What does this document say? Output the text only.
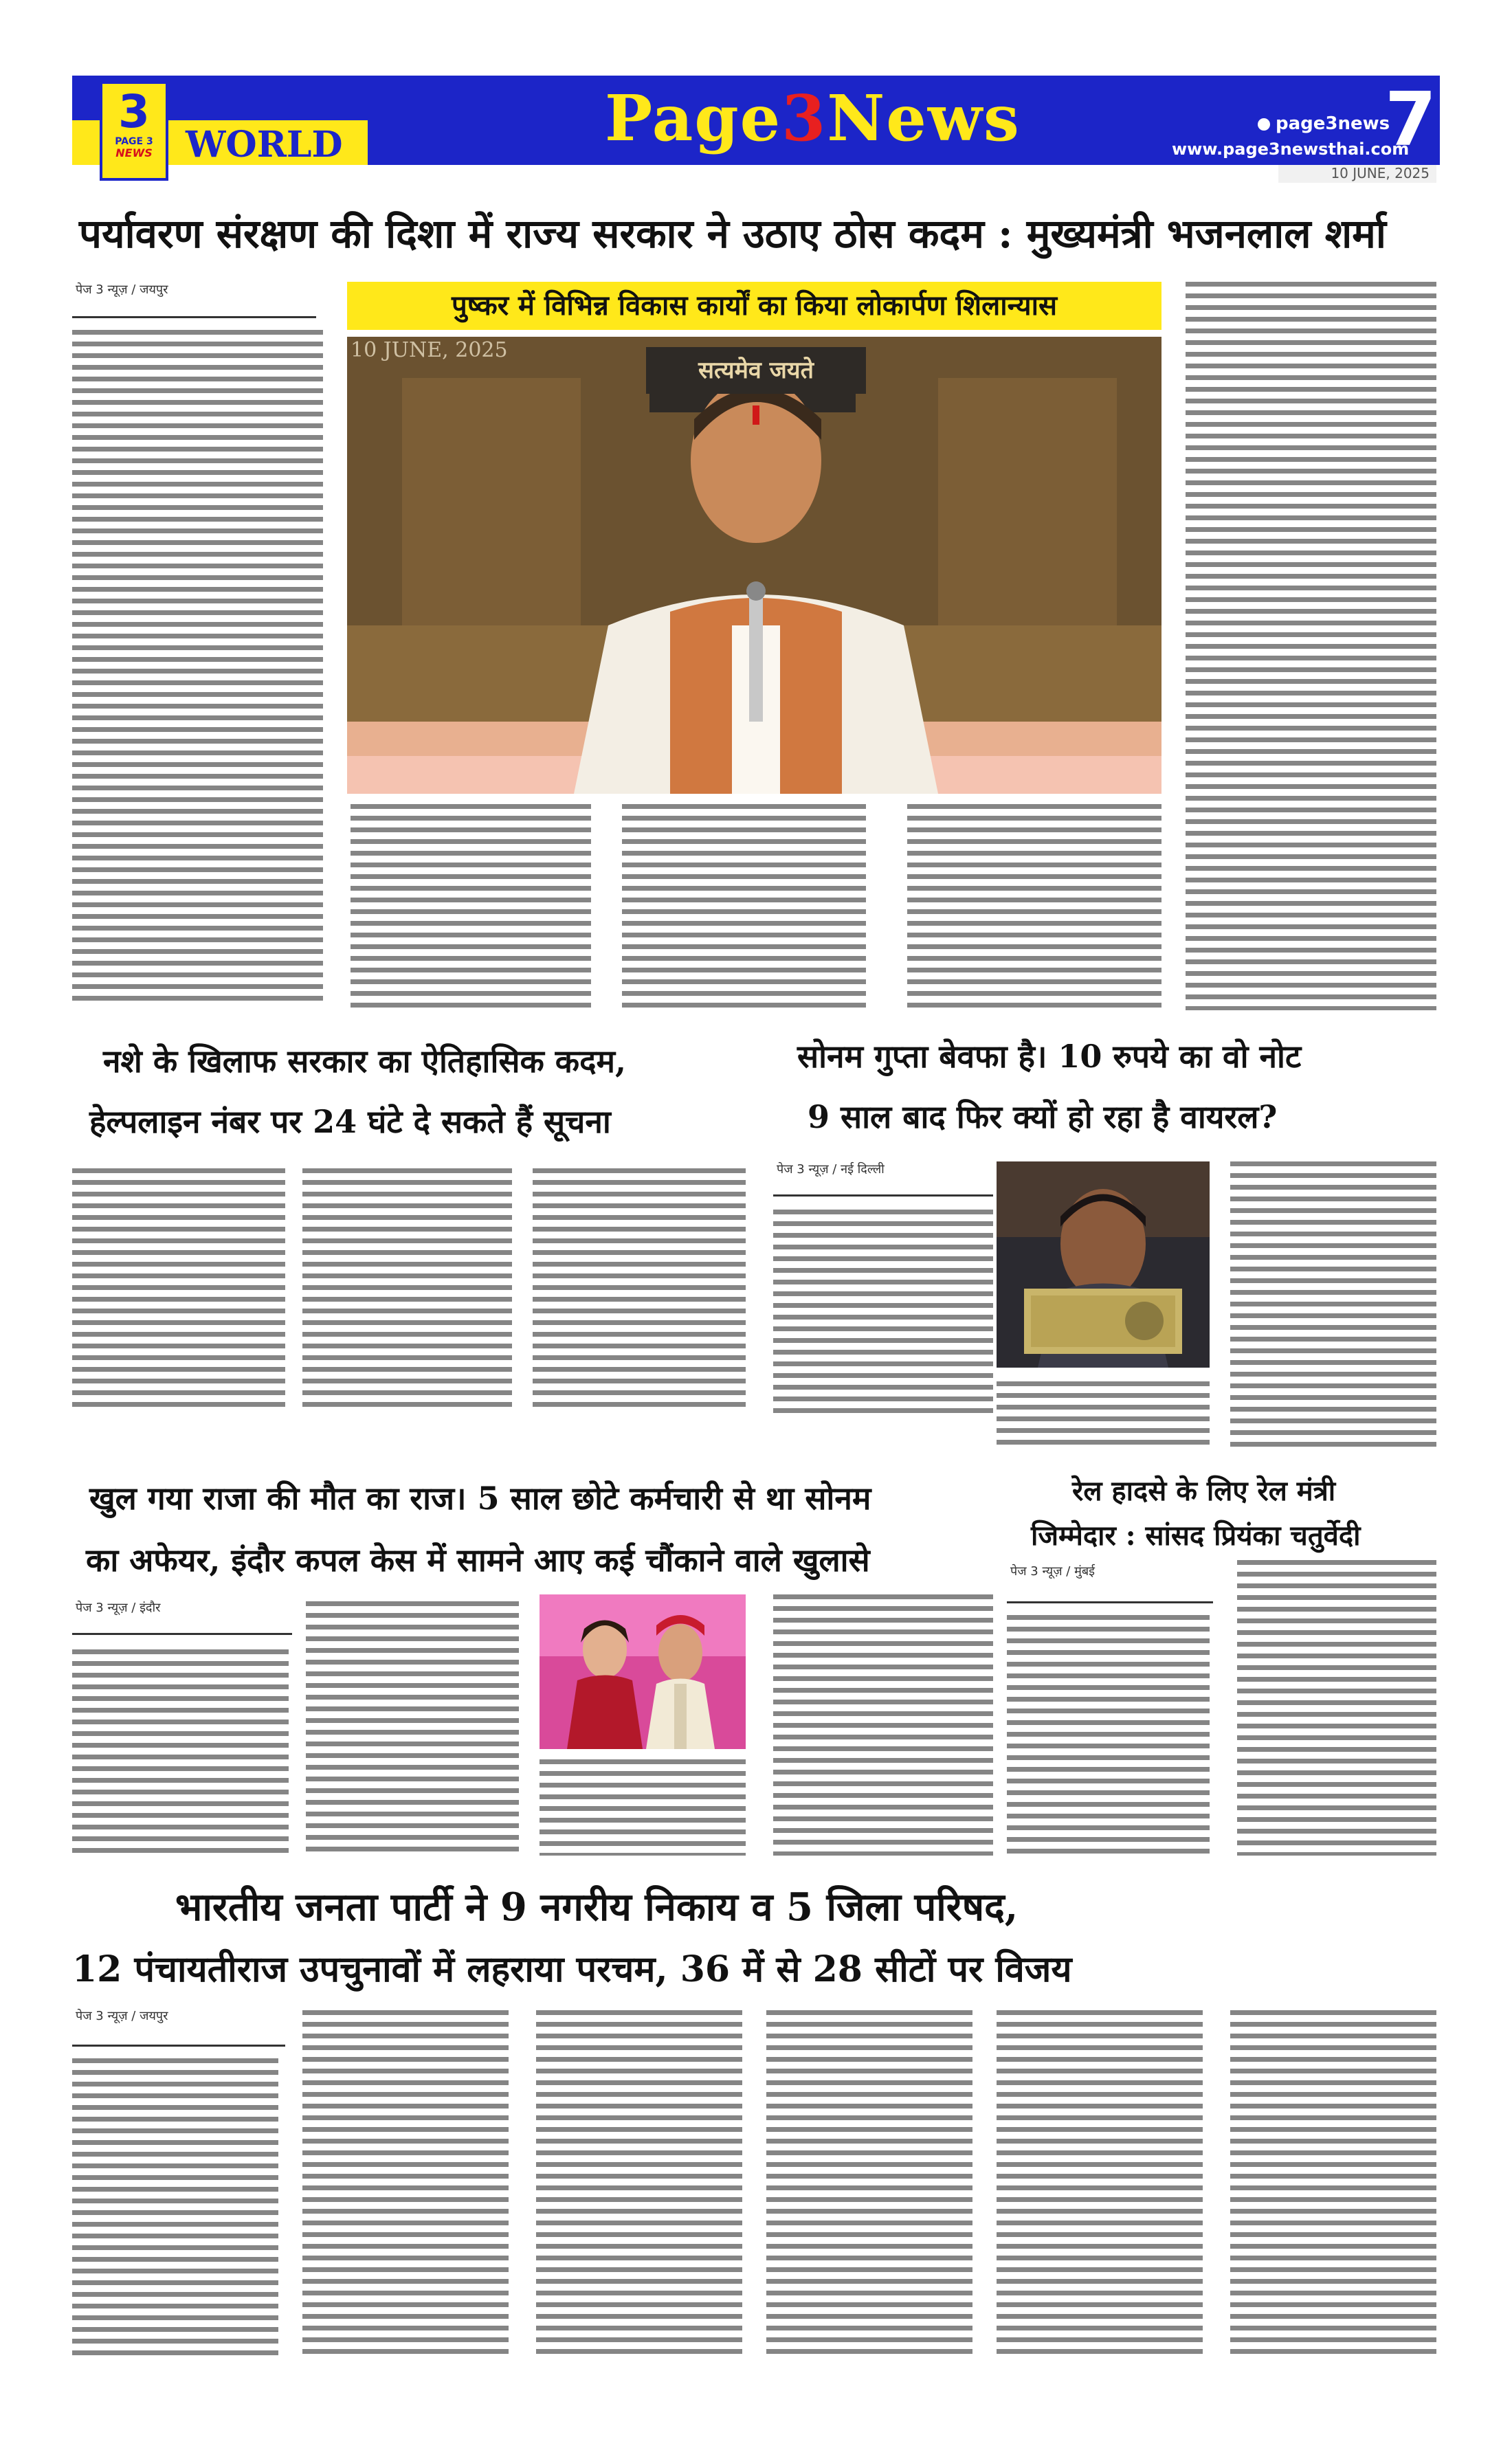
3
PAGE 3
NEWS WORLD	Page3News	page3news
www.page3newsthai.com
7
10 JUNE, 2025
पर्यावरण संरक्षण की दिशा में राज्य सरकार ने उठाए ठोस कदम : मुख्यमंत्री भजनलाल शर्मा
पेज 3 न्यूज़ / जयपुर	पुष्कर में विभिन्न विकास कार्यों का किया लोकार्पण शिलान्यास
सत्यमेव जयते
10 JUNE, 2025
नशे के खिलाफ सरकार का ऐतिहासिक कदम,
हेल्पलाइन नंबर पर 24 घंटे दे सकते हैं सूचना
सोनम गुप्ता बेवफा है। 10 रुपये का वो नोट
9 साल बाद फिर क्यों हो रहा है वायरल?
पेज 3 न्यूज़ / नई दिल्ली
खुल गया राजा की मौत का राज। 5 साल छोटे कर्मचारी से था सोनम
का अफेयर, इंदौर कपल केस में सामने आए कई चौंकाने वाले खुलासे
पेज 3 न्यूज़ / इंदौर
रेल हादसे के लिए रेल मंत्री
जिम्मेदार : सांसद प्रियंका चतुर्वेदी
पेज 3 न्यूज़ / मुंबई
भारतीय जनता पार्टी ने 9 नगरीय निकाय व 5 जिला परिषद,
12 पंचायतीराज उपचुनावों में लहराया परचम, 36 में से 28 सीटों पर विजय
पेज 3 न्यूज़ / जयपुर
